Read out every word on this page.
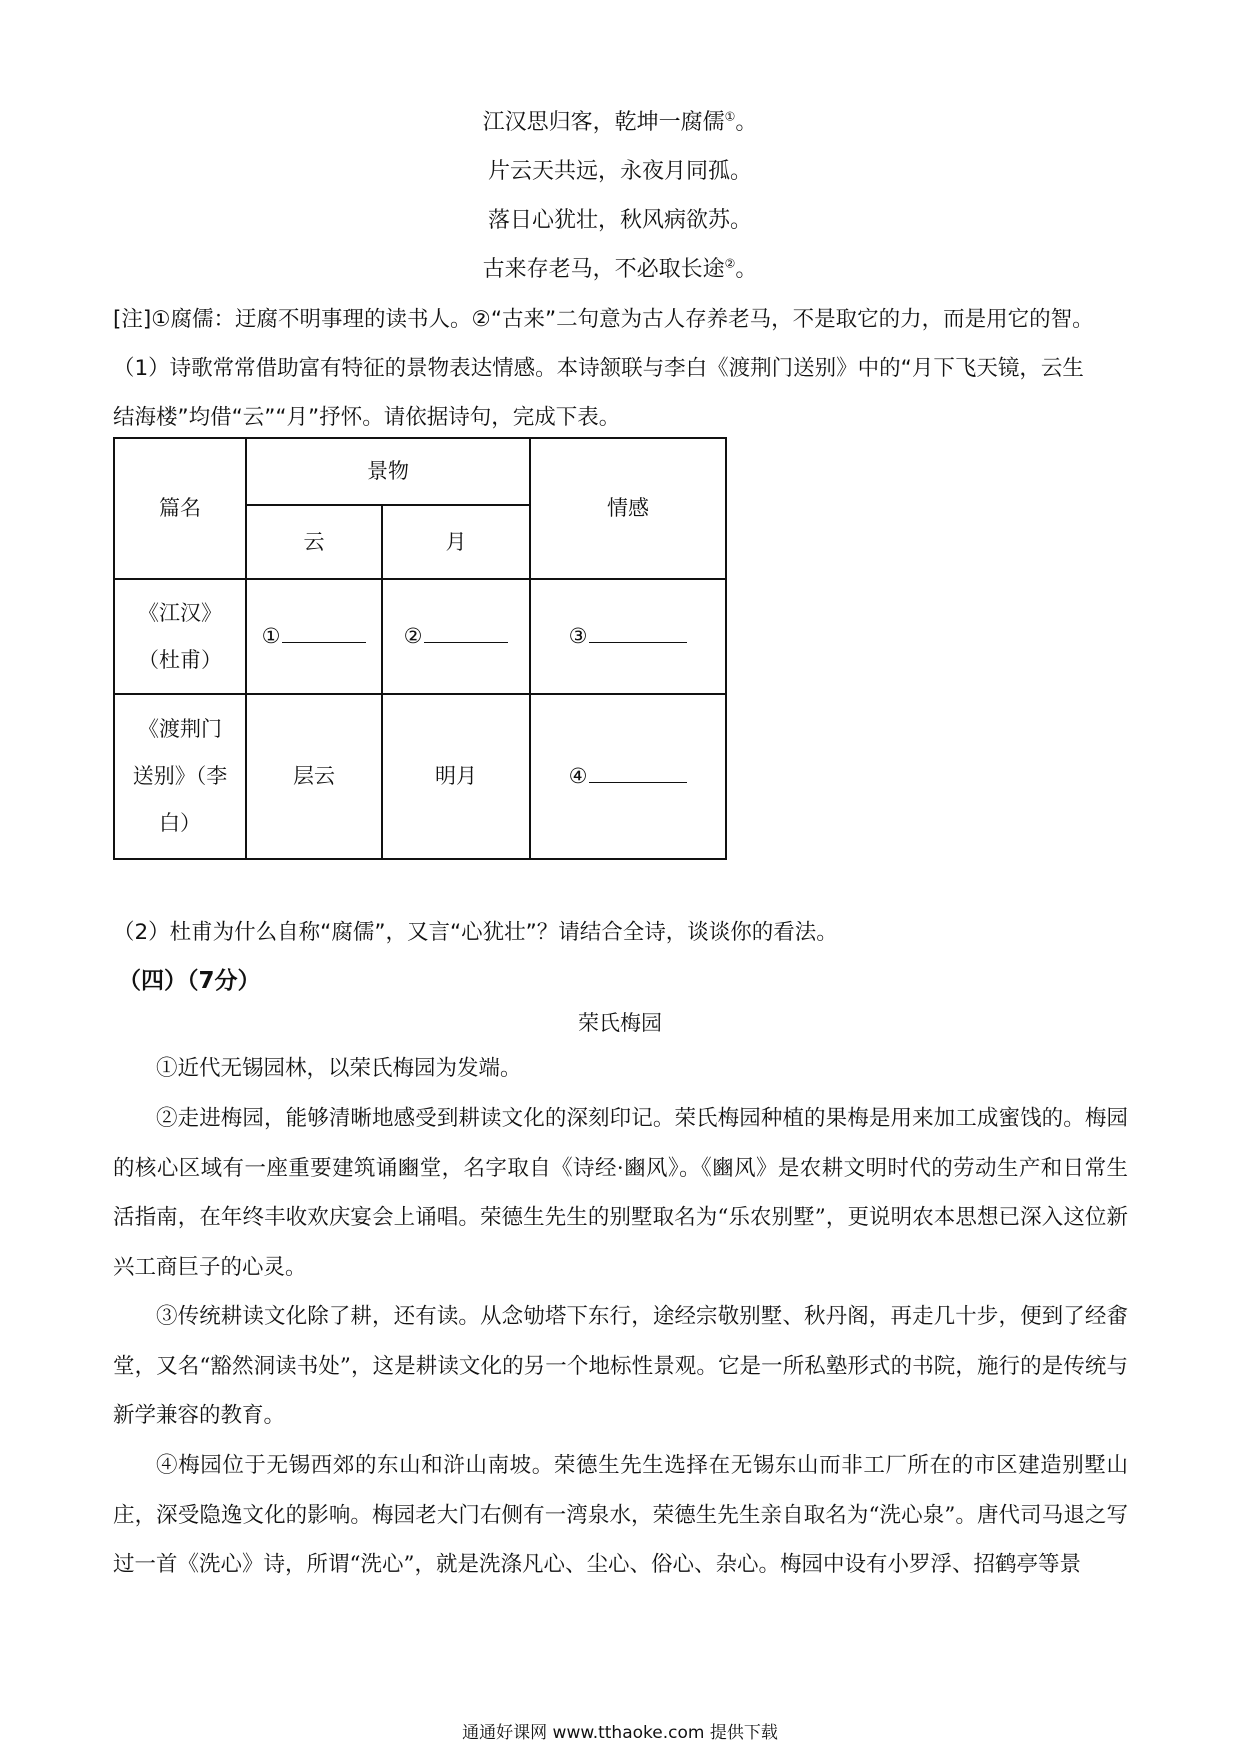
江汉思归客，乾坤一腐儒①。
片云天共远，永夜月同孤。
落日心犹壮，秋风病欲苏。
古来存老马，不必取长途②。
[注]①腐儒：迂腐不明事理的读书人。②“古来”二句意为古人存养老马，不是取它的力，而是用它的智。
（1）诗歌常常借助富有特征的景物表达情感。本诗颔联与李白《渡荆门送别》中的“月下飞天镜，云生
结海楼”均借“云”“月”抒怀。请依据诗句，完成下表。
篇名	景物		情感
	云	月	

《江汉》
（杜甫）	①	②	③

《渡荆门
送别》（李
白）	层云	明月	④
（2）杜甫为什么自称“腐儒”，又言“心犹壮”？请结合全诗，谈谈你的看法。
（四）（7分）
荣氏梅园
①近代无锡园林，以荣氏梅园为发端。
②走进梅园，能够清晰地感受到耕读文化的深刻印记。荣氏梅园种植的果梅是用来加工成蜜饯的。梅园的核心区域有一座重要建筑诵豳堂，名字取自《诗经·豳风》。《豳风》是农耕文明时代的劳动生产和日常生活指南，在年终丰收欢庆宴会上诵唱。荣德生先生的别墅取名为“乐农别墅”，更说明农本思想已深入这位新兴工商巨子的心灵。
③传统耕读文化除了耕，还有读。从念劬塔下东行，途经宗敬别墅、秋丹阁，再走几十步，便到了经畬堂，又名“豁然洞读书处”，这是耕读文化的另一个地标性景观。它是一所私塾形式的书院，施行的是传统与新学兼容的教育。
④梅园位于无锡西郊的东山和浒山南坡。荣德生先生选择在无锡东山而非工厂所在的市区建造别墅山庄，深受隐逸文化的影响。梅园老大门右侧有一湾泉水，荣德生先生亲自取名为“洗心泉”。唐代司马退之写过一首《洗心》诗，所谓“洗心”，就是洗涤凡心、尘心、俗心、杂心。梅园中设有小罗浮、招鹤亭等景
通通好课网 www.tthaoke.com 提供下载
